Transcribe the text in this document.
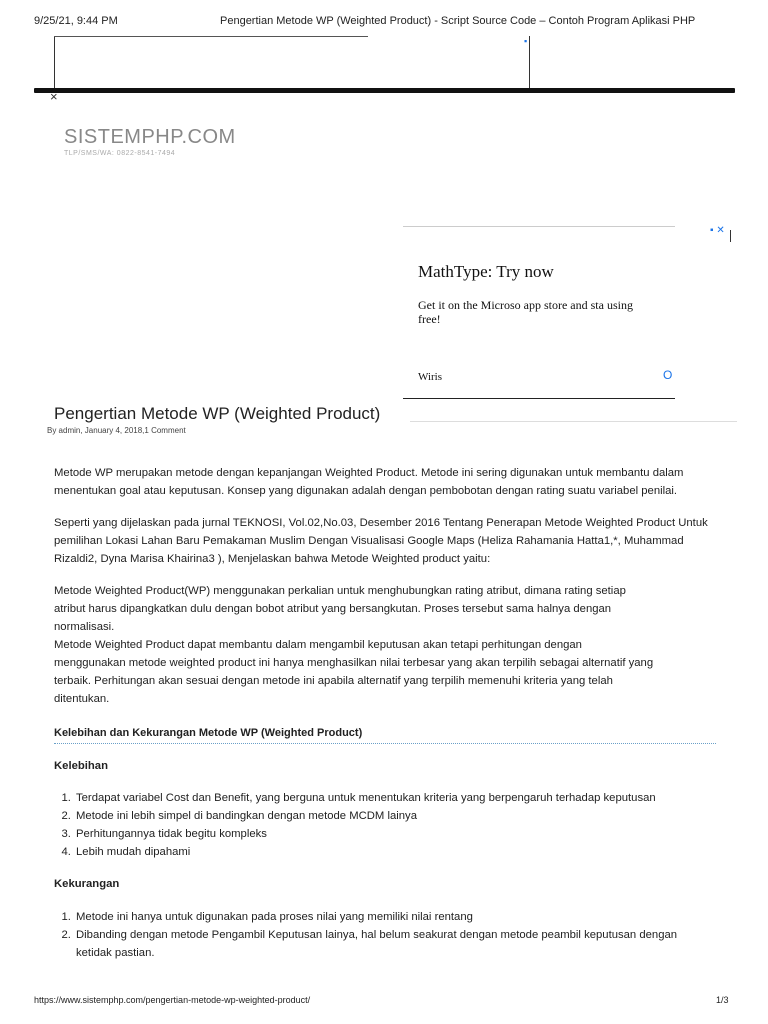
9/25/21, 9:44 PM	Pengertian Metode WP (Weighted Product) - Script Source Code – Contoh Program Aplikasi PHP
▪
×
SISTEMPHP.COM
TLP/SMS/WA: 0822-8541-7494
▪ ✕
MathType: Try now
Get it on the Microso app store and sta using free!
Wiris	O
Pengertian Metode WP (Weighted Product)
By admin, January 4, 2018,1 Comment
Metode WP merupakan metode dengan kepanjangan Weighted Product. Metode ini sering digunakan untuk membantu dalam menentukan goal atau keputusan. Konsep yang digunakan adalah dengan pembobotan dengan rating suatu variabel penilai.
Seperti yang dijelaskan pada jurnal TEKNOSI, Vol.02,No.03, Desember 2016 Tentang Penerapan Metode Weighted Product Untuk pemilihan Lokasi Lahan Baru Pemakaman Muslim Dengan Visualisasi Google Maps (Heliza Rahamania Hatta1,*, Muhammad Rizaldi2, Dyna Marisa Khairina3 ), Menjelaskan bahwa Metode Weighted product yaitu:

Metode Weighted Product(WP) menggunakan perkalian untuk menghubungkan rating atribut, dimana rating setiap

atribut harus dipangkatkan dulu dengan bobot atribut yang bersangkutan. Proses tersebut sama halnya dengan

normalisasi.

Metode Weighted Product dapat membantu dalam mengambil keputusan akan tetapi perhitungan dengan

menggunakan metode weighted product ini hanya menghasilkan nilai terbesar yang akan terpilih sebagai alternatif yang

terbaik. Perhitungan akan sesuai dengan metode ini apabila alternatif yang terpilih memenuhi kriteria yang telah

ditentukan.

Kelebihan dan Kekurangan Metode WP (Weighted Product)
Kelebihan
1. Terdapat variabel Cost dan Benefit, yang berguna untuk menentukan kriteria yang berpengaruh terhadap keputusan
2. Metode ini lebih simpel di bandingkan dengan metode MCDM lainya
3. Perhitungannya tidak begitu kompleks
4. Lebih mudah dipahami
Kekurangan
1. Metode ini hanya untuk digunakan pada proses nilai yang memiliki nilai rentang
2. Dibanding dengan metode Pengambil Keputusan lainya, hal belum seakurat dengan metode peambil keputusan dengan ketidak pastian.
https://www.sistemphp.com/pengertian-metode-wp-weighted-product/	1/3
